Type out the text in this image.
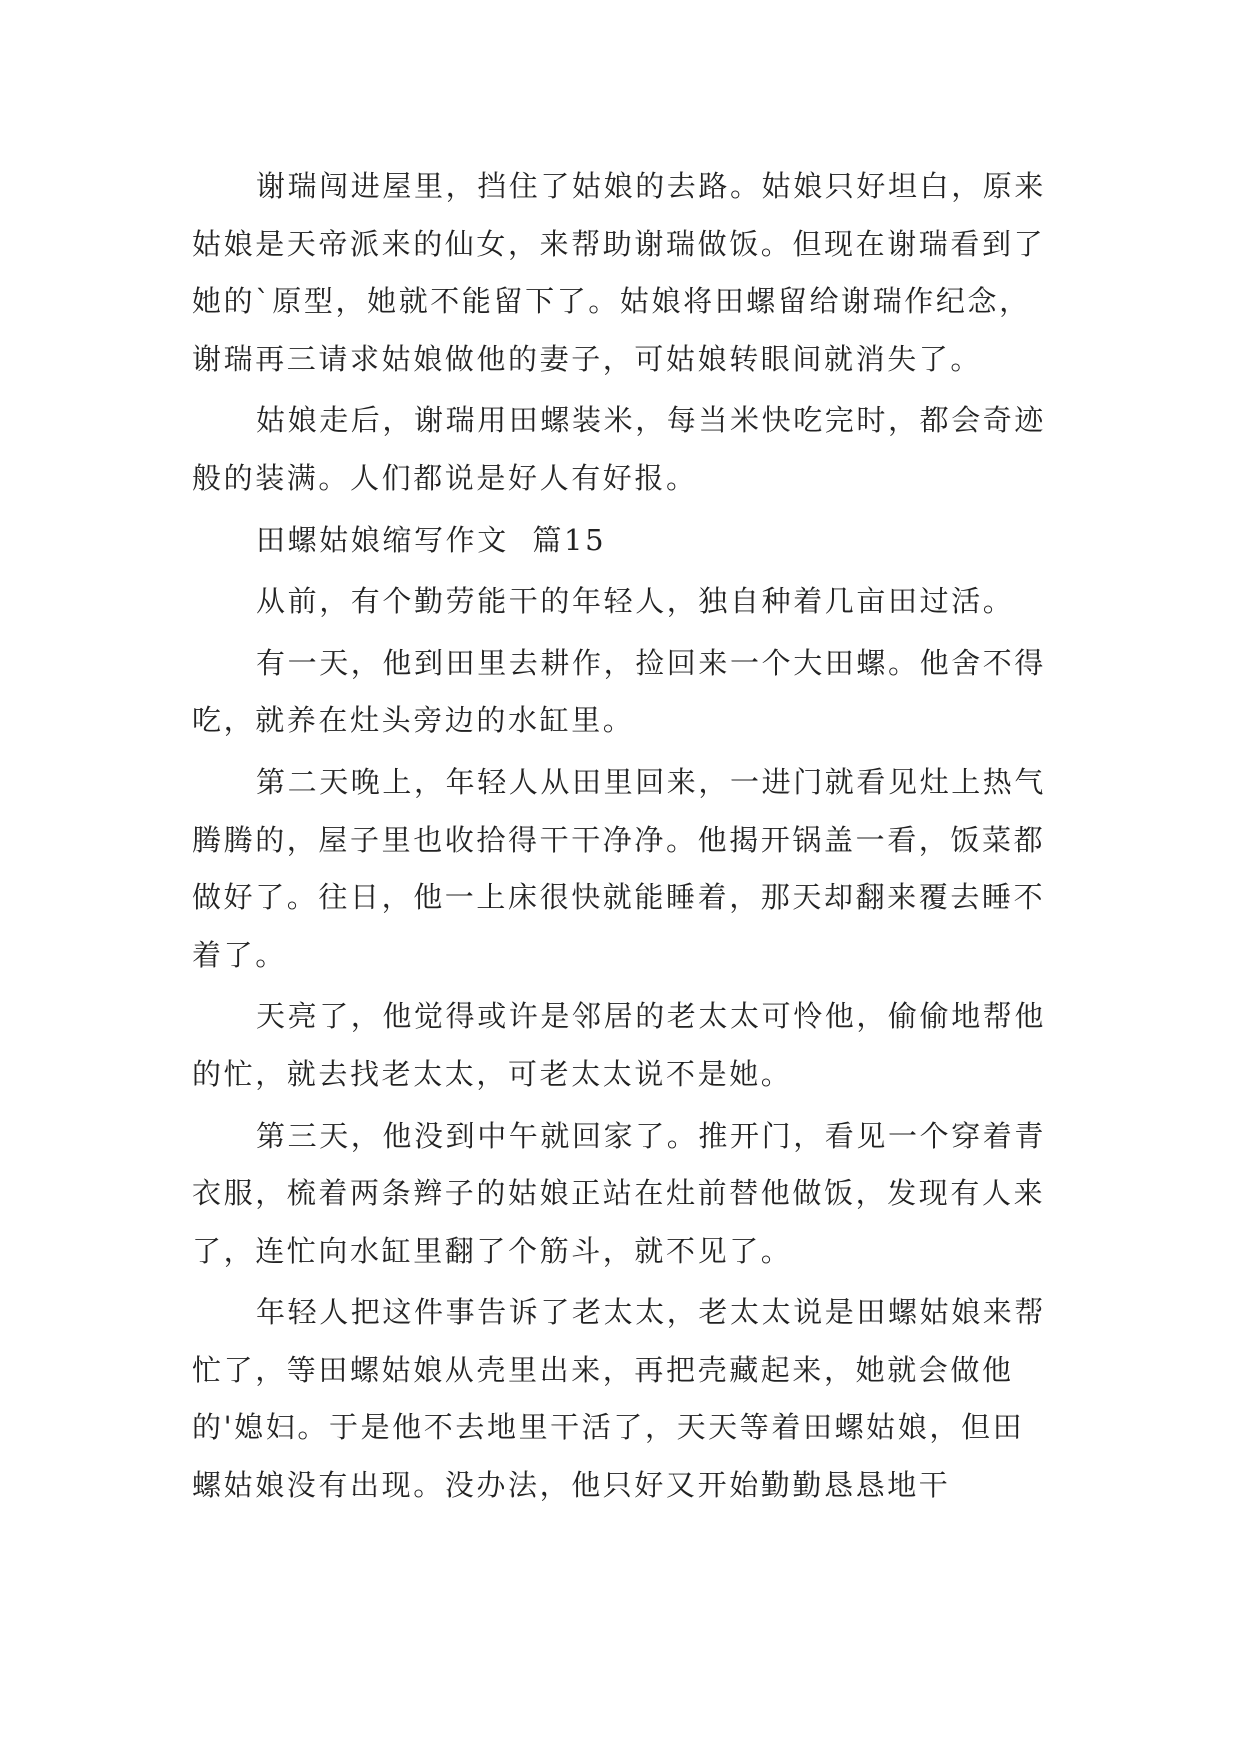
谢瑞闯进屋里，挡住了姑娘的去路。姑娘只好坦白，原来姑娘是天帝派来的仙女，来帮助谢瑞做饭。但现在谢瑞看到了她的`原型，她就不能留下了。姑娘将田螺留给谢瑞作纪念，谢瑞再三请求姑娘做他的妻子，可姑娘转眼间就消失了。

姑娘走后，谢瑞用田螺装米，每当米快吃完时，都会奇迹般的装满。人们都说是好人有好报。

田螺姑娘缩写作文  篇15

从前，有个勤劳能干的年轻人，独自种着几亩田过活。

有一天，他到田里去耕作，捡回来一个大田螺。他舍不得吃，就养在灶头旁边的水缸里。

第二天晚上，年轻人从田里回来，一进门就看见灶上热气腾腾的，屋子里也收拾得干干净净。他揭开锅盖一看，饭菜都做好了。往日，他一上床很快就能睡着，那天却翻来覆去睡不着了。

天亮了，他觉得或许是邻居的老太太可怜他，偷偷地帮他的忙，就去找老太太，可老太太说不是她。

第三天，他没到中午就回家了。推开门，看见一个穿着青衣服，梳着两条辫子的姑娘正站在灶前替他做饭，发现有人来了，连忙向水缸里翻了个筋斗，就不见了。

年轻人把这件事告诉了老太太，老太太说是田螺姑娘来帮忙了，等田螺姑娘从壳里出来，再把壳藏起来，她就会做他的'媳妇。于是他不去地里干活了，天天等着田螺姑娘，但田螺姑娘没有出现。没办法，他只好又开始勤勤恳恳地干
